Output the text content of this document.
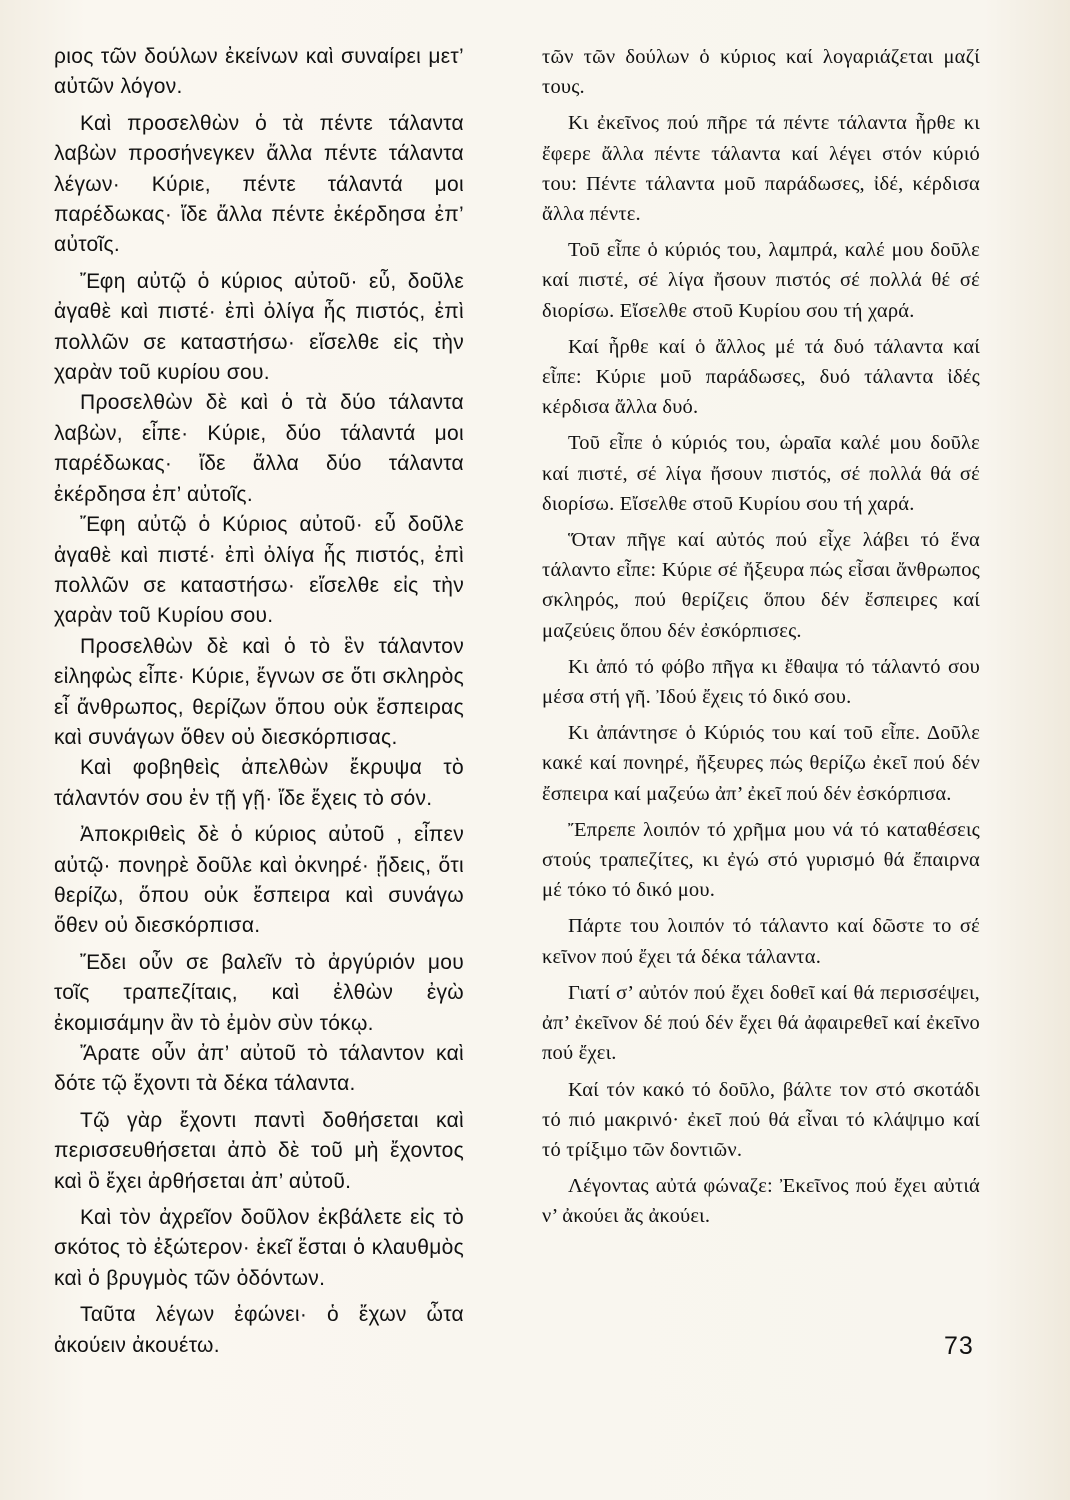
ριος τῶν δούλων ἐκείνων καὶ συναίρει μετ’ αὐτῶν λόγον.

Καὶ προσελθὼν ὁ τὰ πέντε τάλαντα λαβὼν προσήνεγκεν ἄλλα πέντε τάλαντα λέγων· Κύριε, πέντε τάλαντά μοι παρέδωκας· ἴδε ἄλλα πέντε ἐκέρδησα ἐπ’ αὐτοῖς.

Ἔφη αὐτῷ ὁ κύριος αὐτοῦ· εὖ, δοῦλε ἀγαθὲ καὶ πιστέ· ἐπὶ ὀλίγα ἧς πιστός, ἐπὶ πολλῶν σε καταστήσω· εἴσελθε εἰς τὴν χαρὰν τοῦ κυρίου σου.

Προσελθὼν δὲ καὶ ὁ τὰ δύο τάλαντα λαβὼν, εἶπε· Κύριε, δύο τάλαντά μοι παρέδωκας· ἴδε ἄλλα δύο τάλαντα ἐκέρδησα ἐπ’ αὐτοῖς.

Ἔφη αὐτῷ ὁ Κύριος αὐτοῦ· εὖ δοῦλε ἀγαθὲ καὶ πιστέ· ἐπὶ ὀλίγα ἧς πιστός, ἐπὶ πολλῶν σε καταστήσω· εἴσελθε εἰς τὴν χαρὰν τοῦ Κυρίου σου.

Προσελθὼν δὲ καὶ ὁ τὸ ἓν τάλαντον εἰληφὼς εἶπε· Κύριε, ἔγνων σε ὅτι σκληρὸς εἶ ἄνθρωπος, θερίζων ὅπου οὐκ ἔσπειρας καὶ συνάγων ὅθεν οὐ διεσκόρπισας.

Καὶ φοβηθεὶς ἀπελθὼν ἔκρυψα τὸ τάλαντόν σου ἐν τῇ γῇ· ἴδε ἔχεις τὸ σόν.

Ἀποκριθεὶς δὲ ὁ κύριος αὐτοῦ , εἶπεν αὐτῷ· πονηρὲ δοῦλε καὶ ὀκνηρέ· ᾔδεις, ὅτι θερίζω, ὅπου οὐκ ἔσπειρα καὶ συνάγω ὅθεν οὐ διεσκόρπισα.

Ἔδει οὖν σε βαλεῖν τὸ ἀργύριόν μου τοῖς τραπεζίταις, καὶ ἐλθὼν ἐγὼ ἐκομισάμην ἂν τὸ ἐμὸν σὺν τόκῳ.

Ἄρατε οὖν ἀπ’ αὐτοῦ τὸ τάλαντον καὶ δότε τῷ ἔχοντι τὰ δέκα τάλαντα.

Τῷ γὰρ ἔχοντι παντὶ δοθήσεται καὶ περισσευθήσεται ἀπὸ δὲ τοῦ μὴ ἔχοντος καὶ ὃ ἔχει ἀρθήσεται ἀπ’ αὐτοῦ.

Καὶ τὸν ἀχρεῖον δοῦλον ἐκβάλετε εἰς τὸ σκότος τὸ ἐξώτερον· ἐκεῖ ἔσται ὁ κλαυθμὸς καὶ ὁ βρυγμὸς τῶν ὀδόντων.

Ταῦτα λέγων ἐφώνει· ὁ ἔχων ὦτα ἀκούειν ἀκουέτω.

τῶν τῶν δούλων ὁ κύριος καί λογαριάζεται μαζί τους.

Κι ἐκεῖνος πού πῆρε τά πέντε τάλαντα ἦρθε κι ἔφερε ἄλλα πέντε τάλαντα καί λέγει στόν κύριό του: Πέντε τάλαντα μοῦ παράδωσες, ἰδέ, κέρδισα ἄλλα πέντε.

Τοῦ εἶπε ὁ κύριός του, λαμπρά, καλέ μου δοῦλε καί πιστέ, σέ λίγα ἤσουν πιστός σέ πολλά θέ σέ διορίσω. Εἴσελθε στοῦ Κυρίου σου τή χαρά.

Καί ἦρθε καί ὁ ἄλλος μέ τά δυό τάλαντα καί εἶπε: Κύριε μοῦ παράδωσες, δυό τάλαντα ἰδές κέρδισα ἄλλα δυό.

Τοῦ εἶπε ὁ κύριός του, ὡραῖα καλέ μου δοῦλε καί πιστέ, σέ λίγα ἤσουν πιστός, σέ πολλά θά σέ διορίσω. Εἴσελθε στοῦ Κυρίου σου τή χαρά.

Ὅταν πῆγε καί αὐτός πού εἶχε λάβει τό ἕνα τάλαντο εἶπε: Κύριε σέ ἤξευρα πώς εἶσαι ἄνθρωπος σκληρός, πού θερίζεις ὅπου δέν ἔσπειρες καί μαζεύεις ὅπου δέν ἐσκόρπισες.

Κι ἀπό τό φόβο πῆγα κι ἔθαψα τό τάλαντό σου μέσα στή γῆ. Ἰδού ἔχεις τό δικό σου.

Κι ἀπάντησε ὁ Κύριός του καί τοῦ εἶπε. Δοῦλε κακέ καί πονηρέ, ἤξευρες πώς θερίζω ἐκεῖ πού δέν ἔσπειρα καί μαζεύω ἀπ’ ἐκεῖ πού δέν ἐσκόρπισα.

Ἔπρεπε λοιπόν τό χρῆμα μου νά τό καταθέσεις στούς τραπεζίτες, κι ἐγώ στό γυρισμό θά ἔπαιρνα μέ τόκο τό δικό μου.

Πάρτε του λοιπόν τό τάλαντο καί δῶστε το σέ κεῖνον πού ἔχει τά δέκα τάλαντα.

Γιατί σ’ αὐτόν πού ἔχει δοθεῖ καί θά περισσέψει, ἀπ’ ἐκεῖνον δέ πού δέν ἔχει θά ἀφαιρεθεῖ καί ἐκεῖνο πού ἔχει.

Καί τόν κακό τό δοῦλο, βάλτε τον στό σκοτάδι τό πιό μακρινό· ἐκεῖ πού θά εἶναι τό κλάψιμο καί τό τρίξιμο τῶν δοντιῶν.

Λέγοντας αὐτά φώναζε: Ἐκεῖνος πού ἔχει αὐτιά ν’ ἀκούει ἄς ἀκούει.

73
